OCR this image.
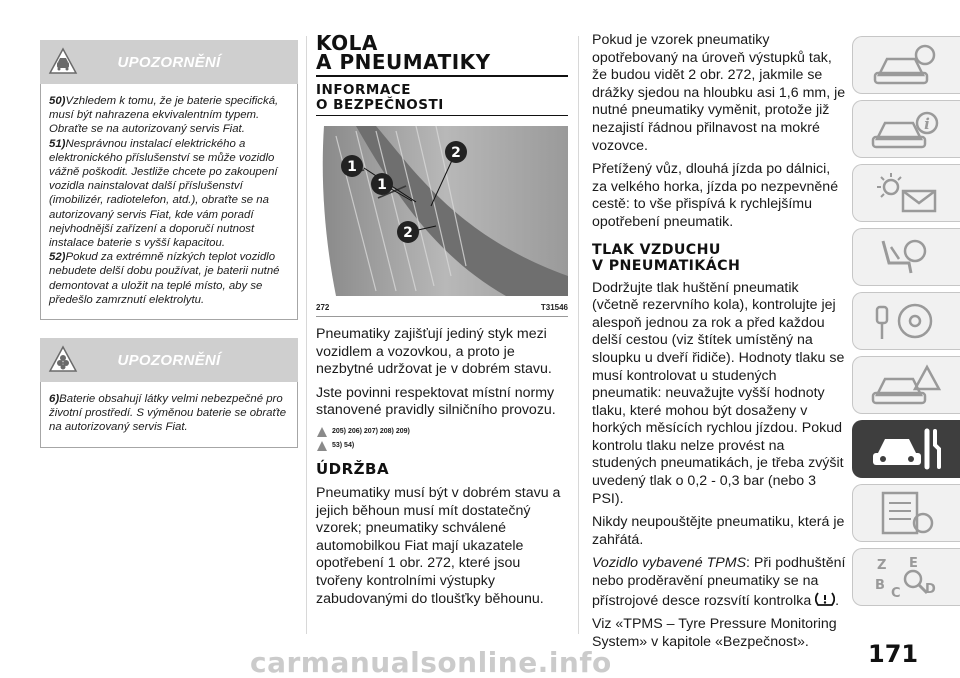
UPOZORNĚNÍ

50)Vzhledem k tomu, že je baterie specifická, musí být nahrazena ekvivalentním typem. Obraťte se na autorizovaný servis Fiat.

51)Nesprávnou instalací elektrického a elektronického příslušenství se může vozidlo vážně poškodit. Jestliže chcete po zakoupení vozidla nainstalovat další příslušenství (imobilizér, radiotelefon, atd.), obraťte se na autorizovaný servis Fiat, kde vám poradí nejvhodnější zařízení a doporučí nutnost instalace baterie s vyšší kapacitou.

52)Pokud za extrémně nízkých teplot vozidlo nebudete delší dobu používat, je baterii nutné demontovat a uložit na teplé místo, aby se předešlo zamrznutí elektrolytu.

UPOZORNĚNÍ

6)Baterie obsahují látky velmi nebezpečné pro životní prostředí. S výměnou baterie se obraťte na autorizovaný servis Fiat.

KOLA
A PNEUMATIKY
INFORMACE
O BEZPEČNOSTI
1
2
1
2
272	T31546

Pneumatiky zajišťují jediný styk mezi vozidlem a vozovkou, a proto je nezbytné udržovat je v dobrém stavu.

Jste povinni respektovat místní normy stanovené pravidly silničního provozu.

205) 206) 207) 208) 209)
53) 54)
ÚDRŽBA

Pneumatiky musí být v dobrém stavu a jejich běhoun musí mít dostatečný vzorek; pneumatiky schválené automobilkou Fiat mají ukazatele opotřebení 1 obr. 272, které jsou tvořeny kontrolními výstupky zabudovanými do tloušťky běhounu.

Pokud je vzorek pneumatiky opotřebovaný na úroveň výstupků tak, že budou vidět 2 obr. 272, jakmile se drážky sjedou na hloubku asi 1,6 mm, je nutné pneumatiky vyměnit, protože již nezajistí řádnou přilnavost na mokré vozovce.

Přetížený vůz, dlouhá jízda po dálnici, za velkého horka, jízda po nezpevněné cestě: to vše přispívá k rychlejšímu opotřebení pneumatik.

TLAK VZDUCHU
V PNEUMATIKÁCH

Dodržujte tlak huštění pneumatik (včetně rezervního kola), kontrolujte jej alespoň jednou za rok a před každou delší cestou (viz štítek umístěný na sloupku u dveří řidiče). Hodnoty tlaku se musí kontrolovat u studených pneumatik: neuvažujte vyšší hodnoty tlaku, které mohou být dosaženy v horkých měsících rychlou jízdou. Pokud kontrolu tlaku nelze provést na studených pneumatikách, je třeba zvýšit uvedený tlak o 0,2 - 0,3 bar (nebo 3 PSI).

Nikdy neupouštějte pneumatiku, která je zahřátá.

Vozidlo vybavené TPMS: Při podhuštění nebo proděravění pneumatiky se na přístrojové desce rozsvítí kontrolka .

Viz «TPMS – Tyre Pressure Monitoring System» v kapitole «Bezpečnost».

i
Z E
B
C D
carmanualsonline.info	171
